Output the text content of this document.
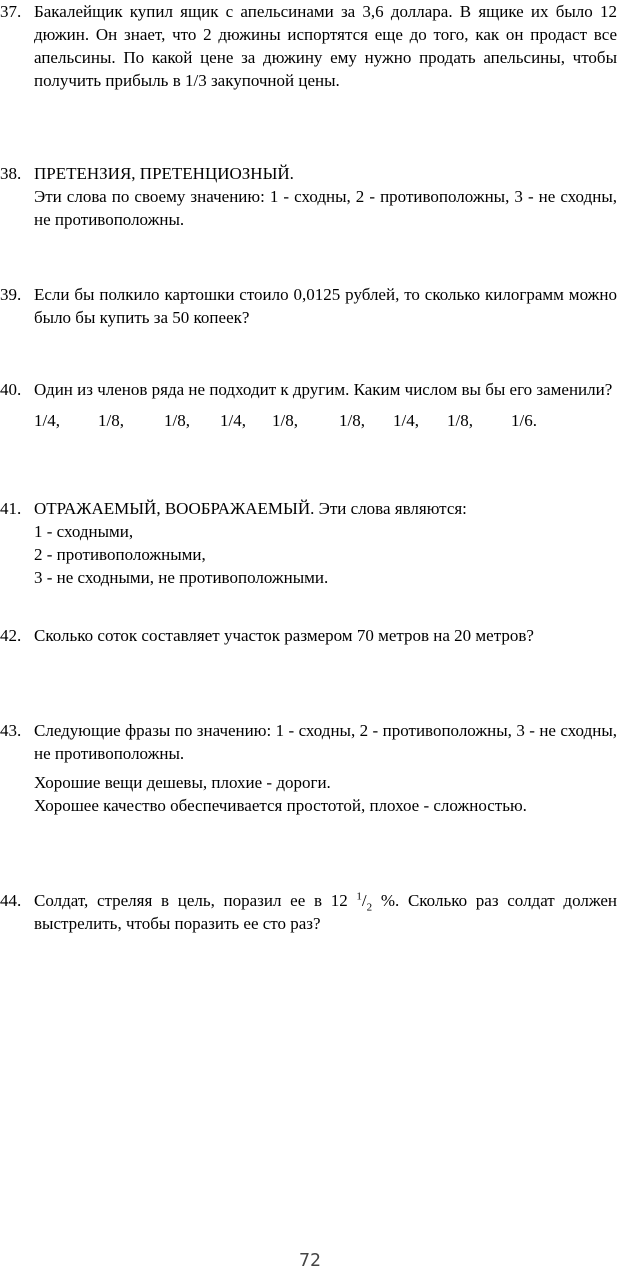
37. Бакалейщик купил ящик с апельсинами за 3,6 доллара. В ящике их было 12 дюжин. Он знает, что 2 дюжины испортятся еще до того, как он продаст все апельсины. По какой цене за дюжину ему нужно продать апельсины, чтобы получить прибыль в 1/3 закупочной цены.
38. ПРЕТЕНЗИЯ, ПРЕТЕНЦИОЗНЫЙ.
Эти слова по своему значению: 1 - сходны, 2 - противоположны, 3 - не сходны, не противоположны.
39. Если бы полкило картошки стоило 0,0125 рублей, то сколько килограмм можно было бы купить за 50 копеек?
40. Один из членов ряда не подходит к другим. Каким числом вы бы его заменили?
1/4, 1/8, 1/8, 1/4, 1/8, 1/8, 1/4, 1/8, 1/6.
41. ОТРАЖАЕМЫЙ, ВООБРАЖАЕМЫЙ. Эти слова являются:
1 - сходными,
2 - противоположными,
3 - не сходными, не противоположными.
42. Сколько соток составляет участок размером 70 метров на 20 метров?
43. Следующие фразы по значению: 1 - сходны, 2 - противоположны, 3 - не сходны, не противоположны.
Хорошие вещи дешевы, плохие - дороги.
Хорошее качество обеспечивается простотой, плохое - сложностью.
44. Солдат, стреляя в цель, поразил ее в 12 $^1/_2$ %. Сколько раз солдат должен выстрелить, чтобы поразить ее сто раз?
72
